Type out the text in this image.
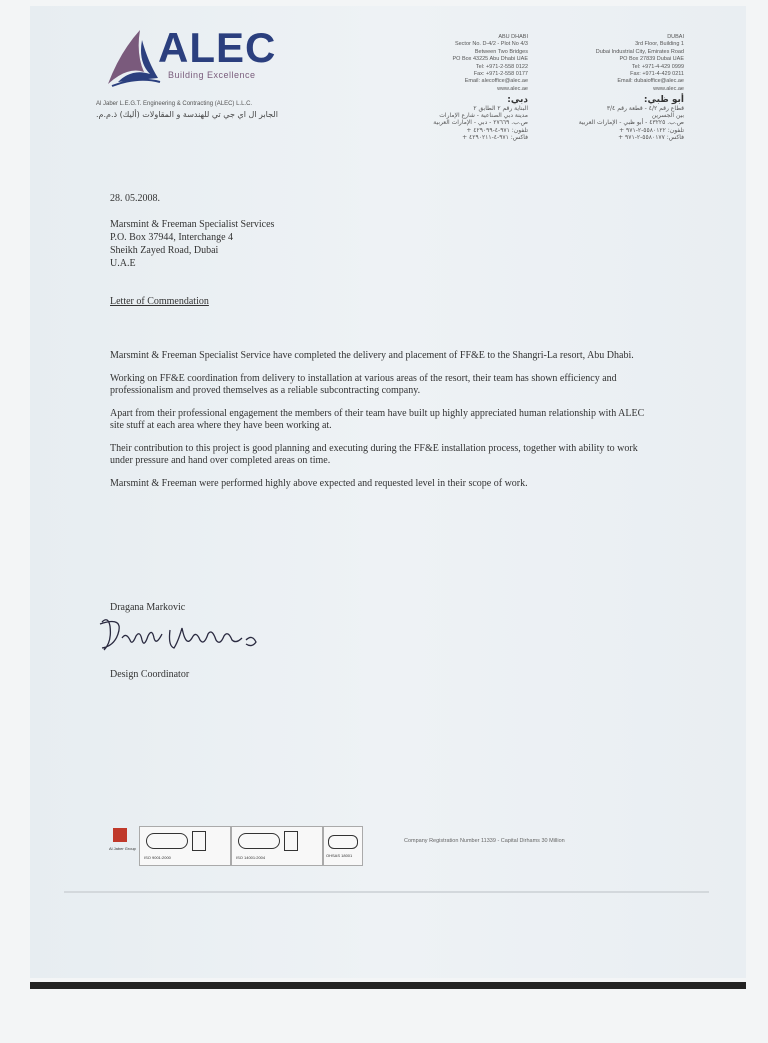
ALEC
Building Excellence
Al Jaber L.E.G.T. Engineering & Contracting (ALEC) L.L.C.
الجابر ال اي جي تي للهندسة و المقاولات (أليك) ذ.م.م.
ABU DHABI
Sector No. D-4/2 - Plot No 4/3
Between Two Bridges
PO Box 43225 Abu Dhabi UAE
Tel: +971-2-558 0122
Fax: +971-2-558 0177
Email: alecoffice@alec.ae
www.alec.ae
دبي:
البناية رقم ٢ الطابق ٢
مدينة دبي الصناعية - شارع الإمارات
ص.ب. ٢٧٦٦٩ - دبي - الإمارات العربية
تلفون: ٩٧١-٤-٤٢٩٠٩٩ +
فاكس: ٩٧١-٤-٤٢٩٠٢١١ +
DUBAI
3rd Floor, Building 1
Dubai Industrial City, Emirates Road
PO Box 27839 Dubai UAE
Tel: +971-4-429 0999
Fax: +971-4-429 0211
Email: dubaioffice@alec.ae
www.alec.ae
أبو ظبي:
قطاع رقم ٤/٢ - قطعة رقم ٣/٤
بين الجسرين
ص.ب. ٤٣٢٢٥ - أبو ظبي - الإمارات العربية
تلفون: ٥٥٨٠١٢٢-٢-٩٧١ +
فاكس: ٥٥٨٠١٧٧-٢-٩٧١ +
28. 05.2008.
Marsmint & Freeman Specialist Services
P.O. Box 37944, Interchange 4
Sheikh Zayed Road, Dubai
U.A.E
Letter of Commendation

Marsmint & Freeman Specialist Service have completed the delivery and placement of FF&E to the Shangri-La resort, Abu Dhabi.

Working on FF&E coordination from delivery to installation at various areas of the resort, their team has shown efficiency and professionalism and proved themselves as a reliable subcontracting company.

Apart from their professional engagement the members of their team have built up highly appreciated human relationship with ALEC site stuff at each area where they have been working at.

Their contribution to this project is good planning and executing during the FF&E installation process, together with ability to work under pressure and hand over completed areas on time.

Marsmint & Freeman were performed highly above expected and requested level in their scope of work.

Dragana Markovic
Design Coordinator
Al Jaber Group
ISO 9001:2000	ISO 14001:2004	OHSAS 18001
Company Registration Number 11339 - Capital Dirhams 30 Million
